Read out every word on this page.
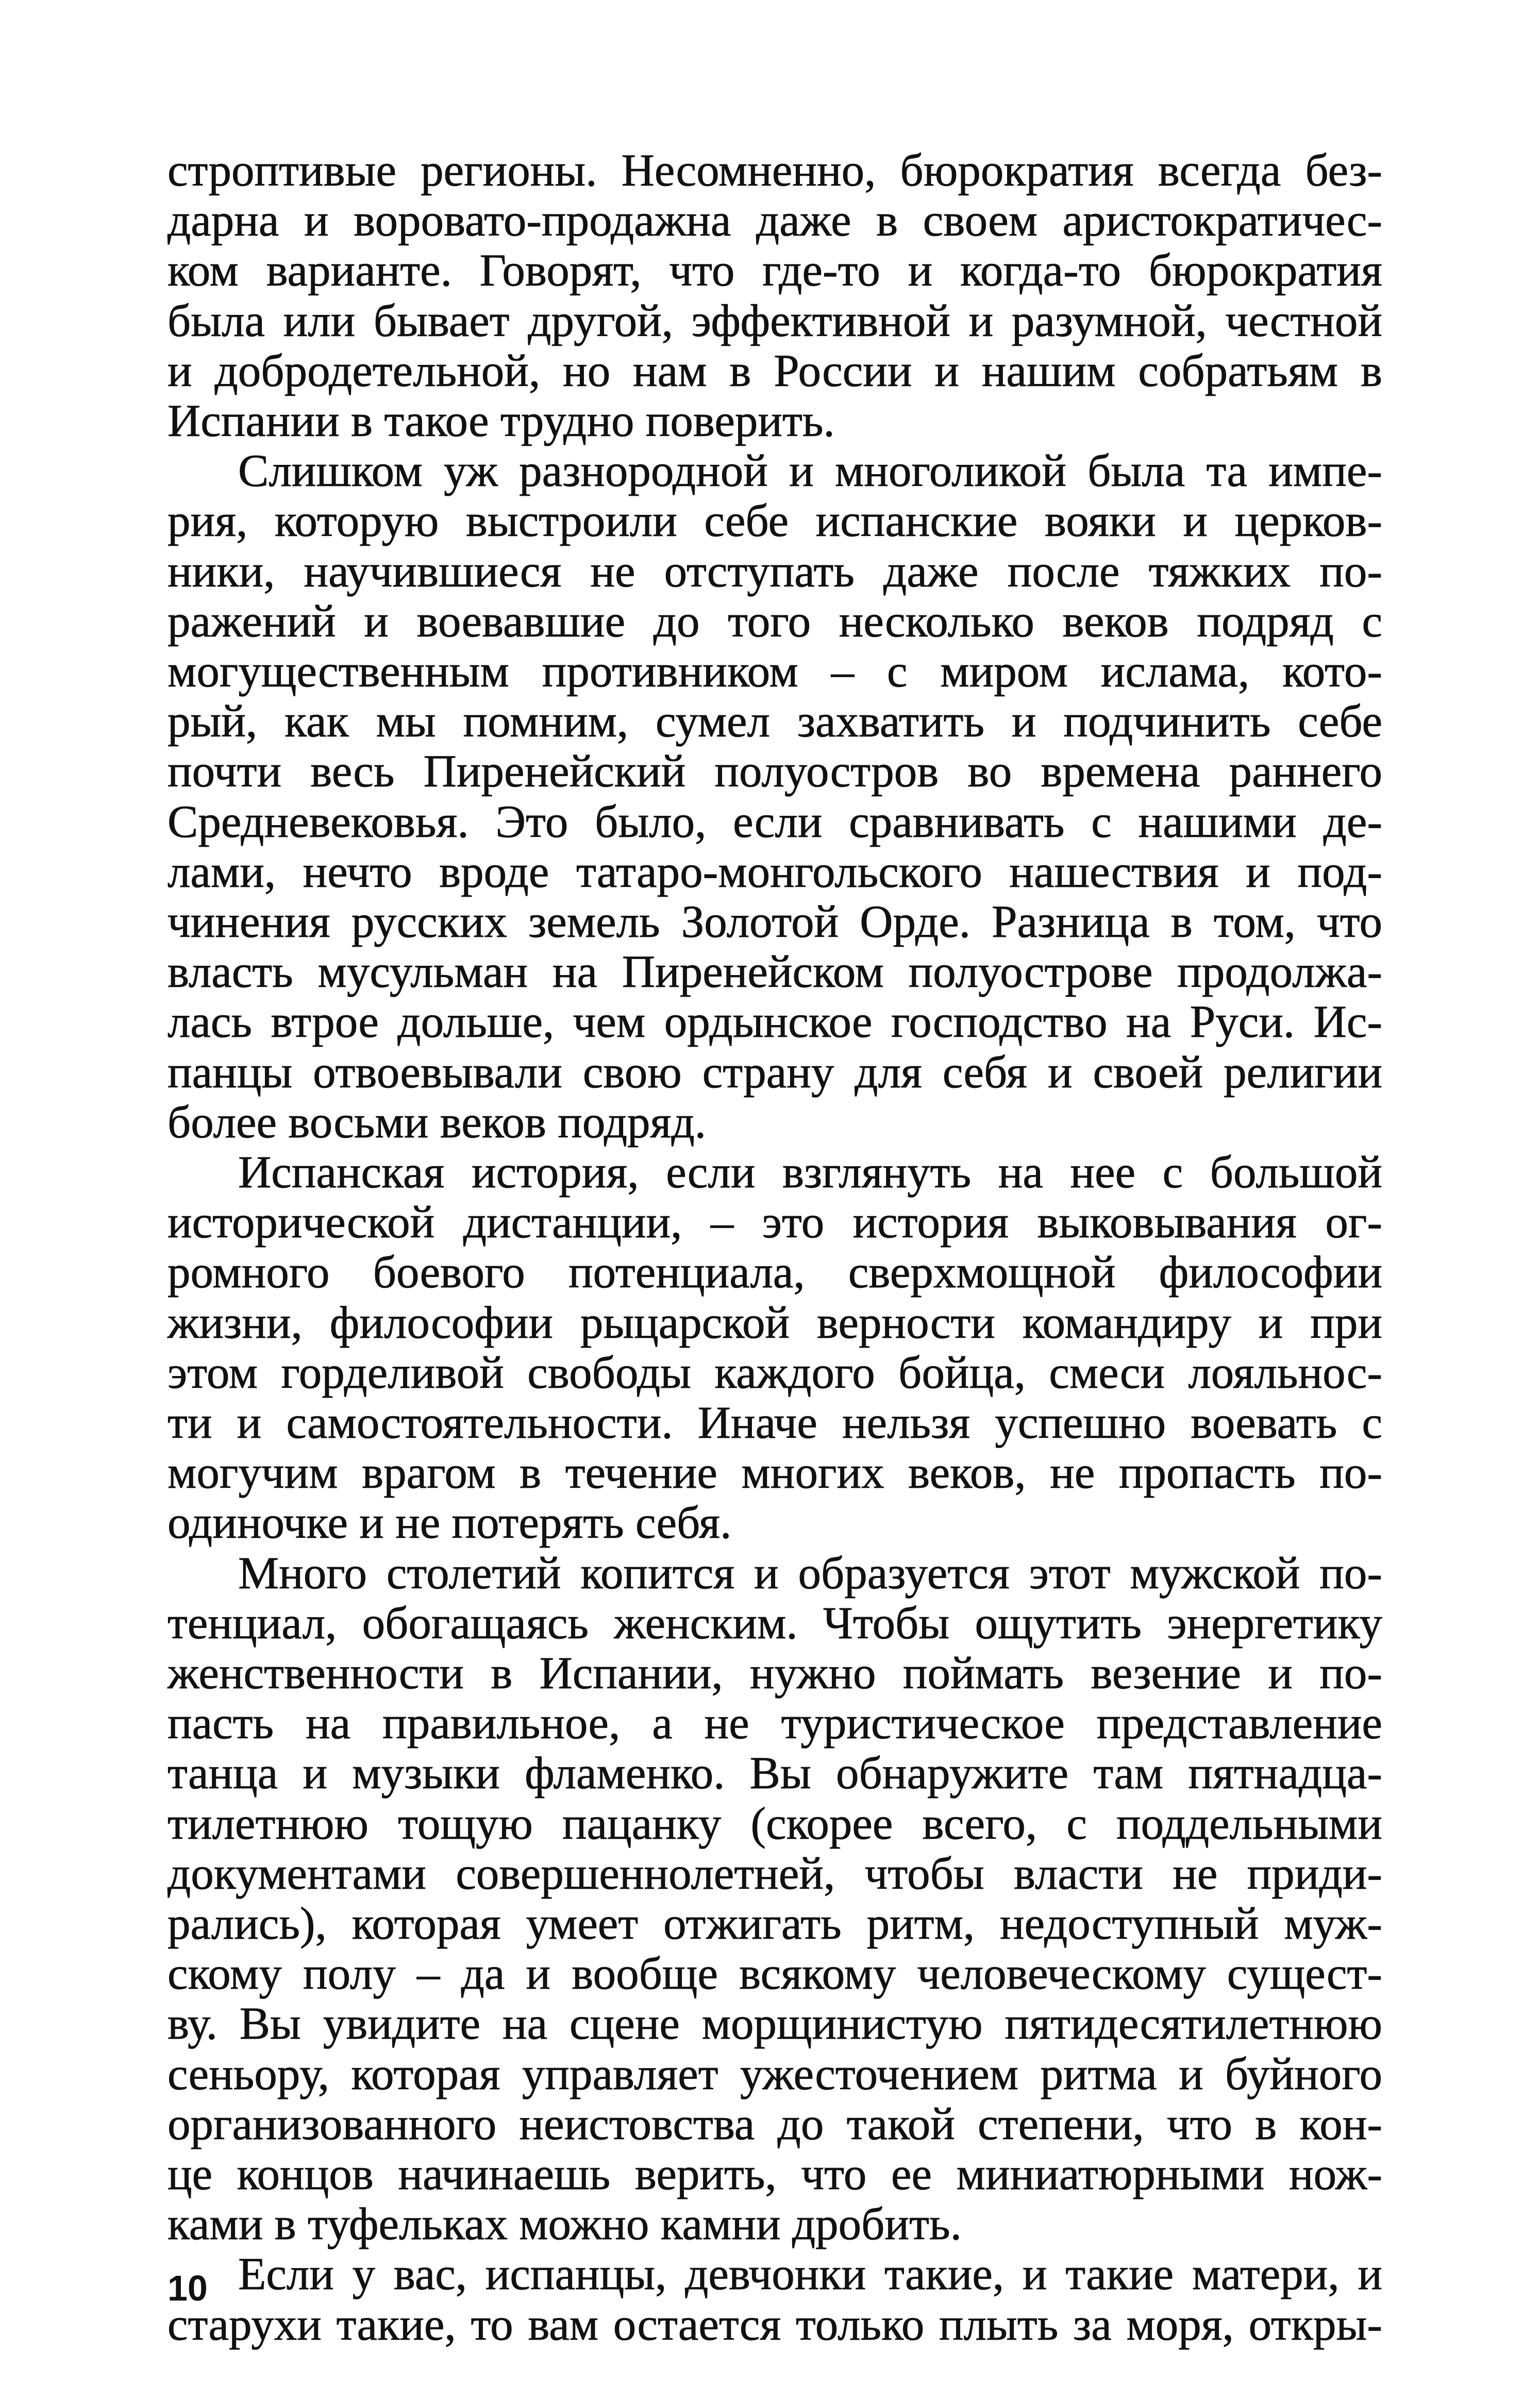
строптивые регионы. Несомненно, бюрократия всегда без-
дарна и воровато-продажна даже в своем аристократичес-
ком варианте. Говорят, что где-то и когда-то бюрократия
была или бывает другой, эффективной и разумной, честной
и добродетельной, но нам в России и нашим собратьям в
Испании в такое трудно поверить.
Слишком уж разнородной и многоликой была та импе-
рия, которую выстроили себе испанские вояки и церков-
ники, научившиеся не отступать даже после тяжких по-
ражений и воевавшие до того несколько веков подряд с
могущественным противником – с миром ислама, кото-
рый, как мы помним, сумел захватить и подчинить себе
почти весь Пиренейский полуостров во времена раннего
Средневековья. Это было, если сравнивать с нашими де-
лами, нечто вроде татаро-монгольского нашествия и под-
чинения русских земель Золотой Орде. Разница в том, что
власть мусульман на Пиренейском полуострове продолжа-
лась втрое дольше, чем ордынское господство на Руси. Ис-
панцы отвоевывали свою страну для себя и своей религии
более восьми веков подряд.
Испанская история, если взглянуть на нее с большой
исторической дистанции, – это история выковывания ог-
ромного боевого потенциала, сверхмощной философии
жизни, философии рыцарской верности командиру и при
этом горделивой свободы каждого бойца, смеси лояльнос-
ти и самостоятельности. Иначе нельзя успешно воевать с
могучим врагом в течение многих веков, не пропасть по-
одиночке и не потерять себя.
Много столетий копится и образуется этот мужской по-
тенциал, обогащаясь женским. Чтобы ощутить энергетику
женственности в Испании, нужно поймать везение и по-
пасть на правильное, а не туристическое представление
танца и музыки фламенко. Вы обнаружите там пятнадца-
тилетнюю тощую пацанку (скорее всего, с поддельными
документами совершеннолетней, чтобы власти не приди-
рались), которая умеет отжигать ритм, недоступный муж-
скому полу – да и вообще всякому человеческому сущест-
ву. Вы увидите на сцене морщинистую пятидесятилетнюю
сеньору, которая управляет ужесточением ритма и буйного
организованного неистовства до такой степени, что в кон-
це концов начинаешь верить, что ее миниатюрными нож-
ками в туфельках можно камни дробить.
Если у вас, испанцы, девчонки такие, и такие матери, и
старухи такие, то вам остается только плыть за моря, откры-
10
